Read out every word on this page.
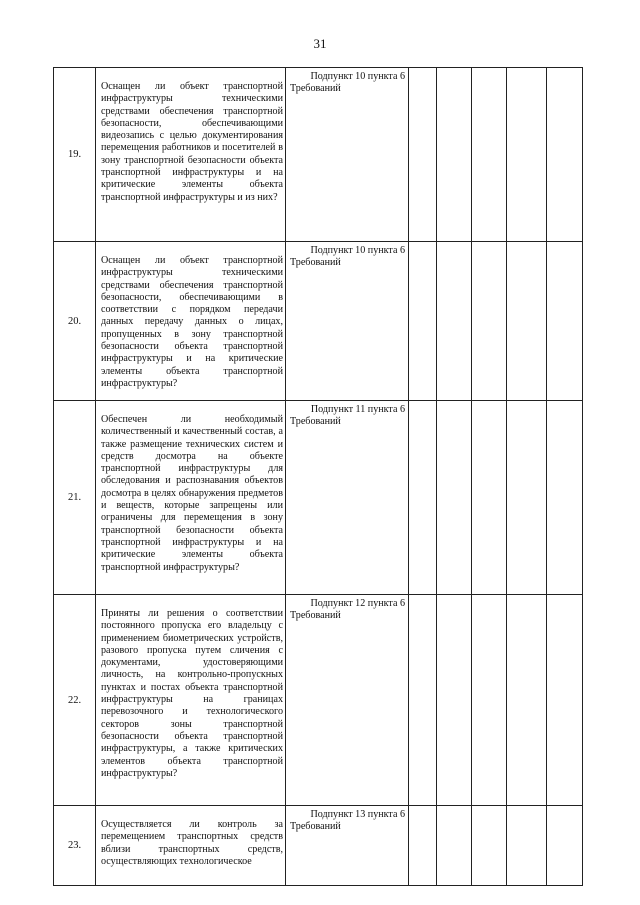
31
19.	Оснащен ли объект транспортной инфраструктуры техническими средствами обеспечения транспортной безопасности, обеспечивающими видеозапись с целью документирования перемещения работников и посетителей в зону транспортной безопасности объекта транспортной инфраструктуры и на критические элементы объекта транспортной инфраструктуры и из них?	Подпункт 10 пункта 6
Требований					

20.	Оснащен ли объект транспортной инфраструктуры техническими средствами обеспечения транспортной безопасности, обеспечивающими в соответствии с порядком передачи данных передачу данных о лицах, пропущенных в зону транспортной безопасности объекта транспортной инфраструктуры и на критические элементы объекта транспортной инфраструктуры?	Подпункт 10 пункта 6
Требований					

21.	Обеспечен ли необходимый количественный и качественный состав, а также размещение технических систем и средств досмотра на объекте транспортной инфраструктуры для обследования и распознавания объектов досмотра в целях обнаружения предметов и веществ, которые запрещены или ограничены для перемещения в зону транспортной безопасности объекта транспортной инфраструктуры и на критические элементы объекта транспортной инфраструктуры?	Подпункт 11 пункта 6
Требований					

22.	Приняты ли решения о соответствии постоянного пропуска его владельцу с применением биометрических устройств, разового пропуска путем сличения с документами, удостоверяющими личность, на контрольно-пропускных пунктах и постах объекта транспортной инфраструктуры на границах перевозочного и технологического секторов зоны транспортной безопасности объекта транспортной инфраструктуры, а также критических элементов объекта транспортной инфраструктуры?	Подпункт 12 пункта 6
Требований					

23.	Осуществляется ли контроль за перемещением транспортных средств вблизи транспортных средств, осуществляющих технологическое	Подпункт 13 пункта 6
Требований					
